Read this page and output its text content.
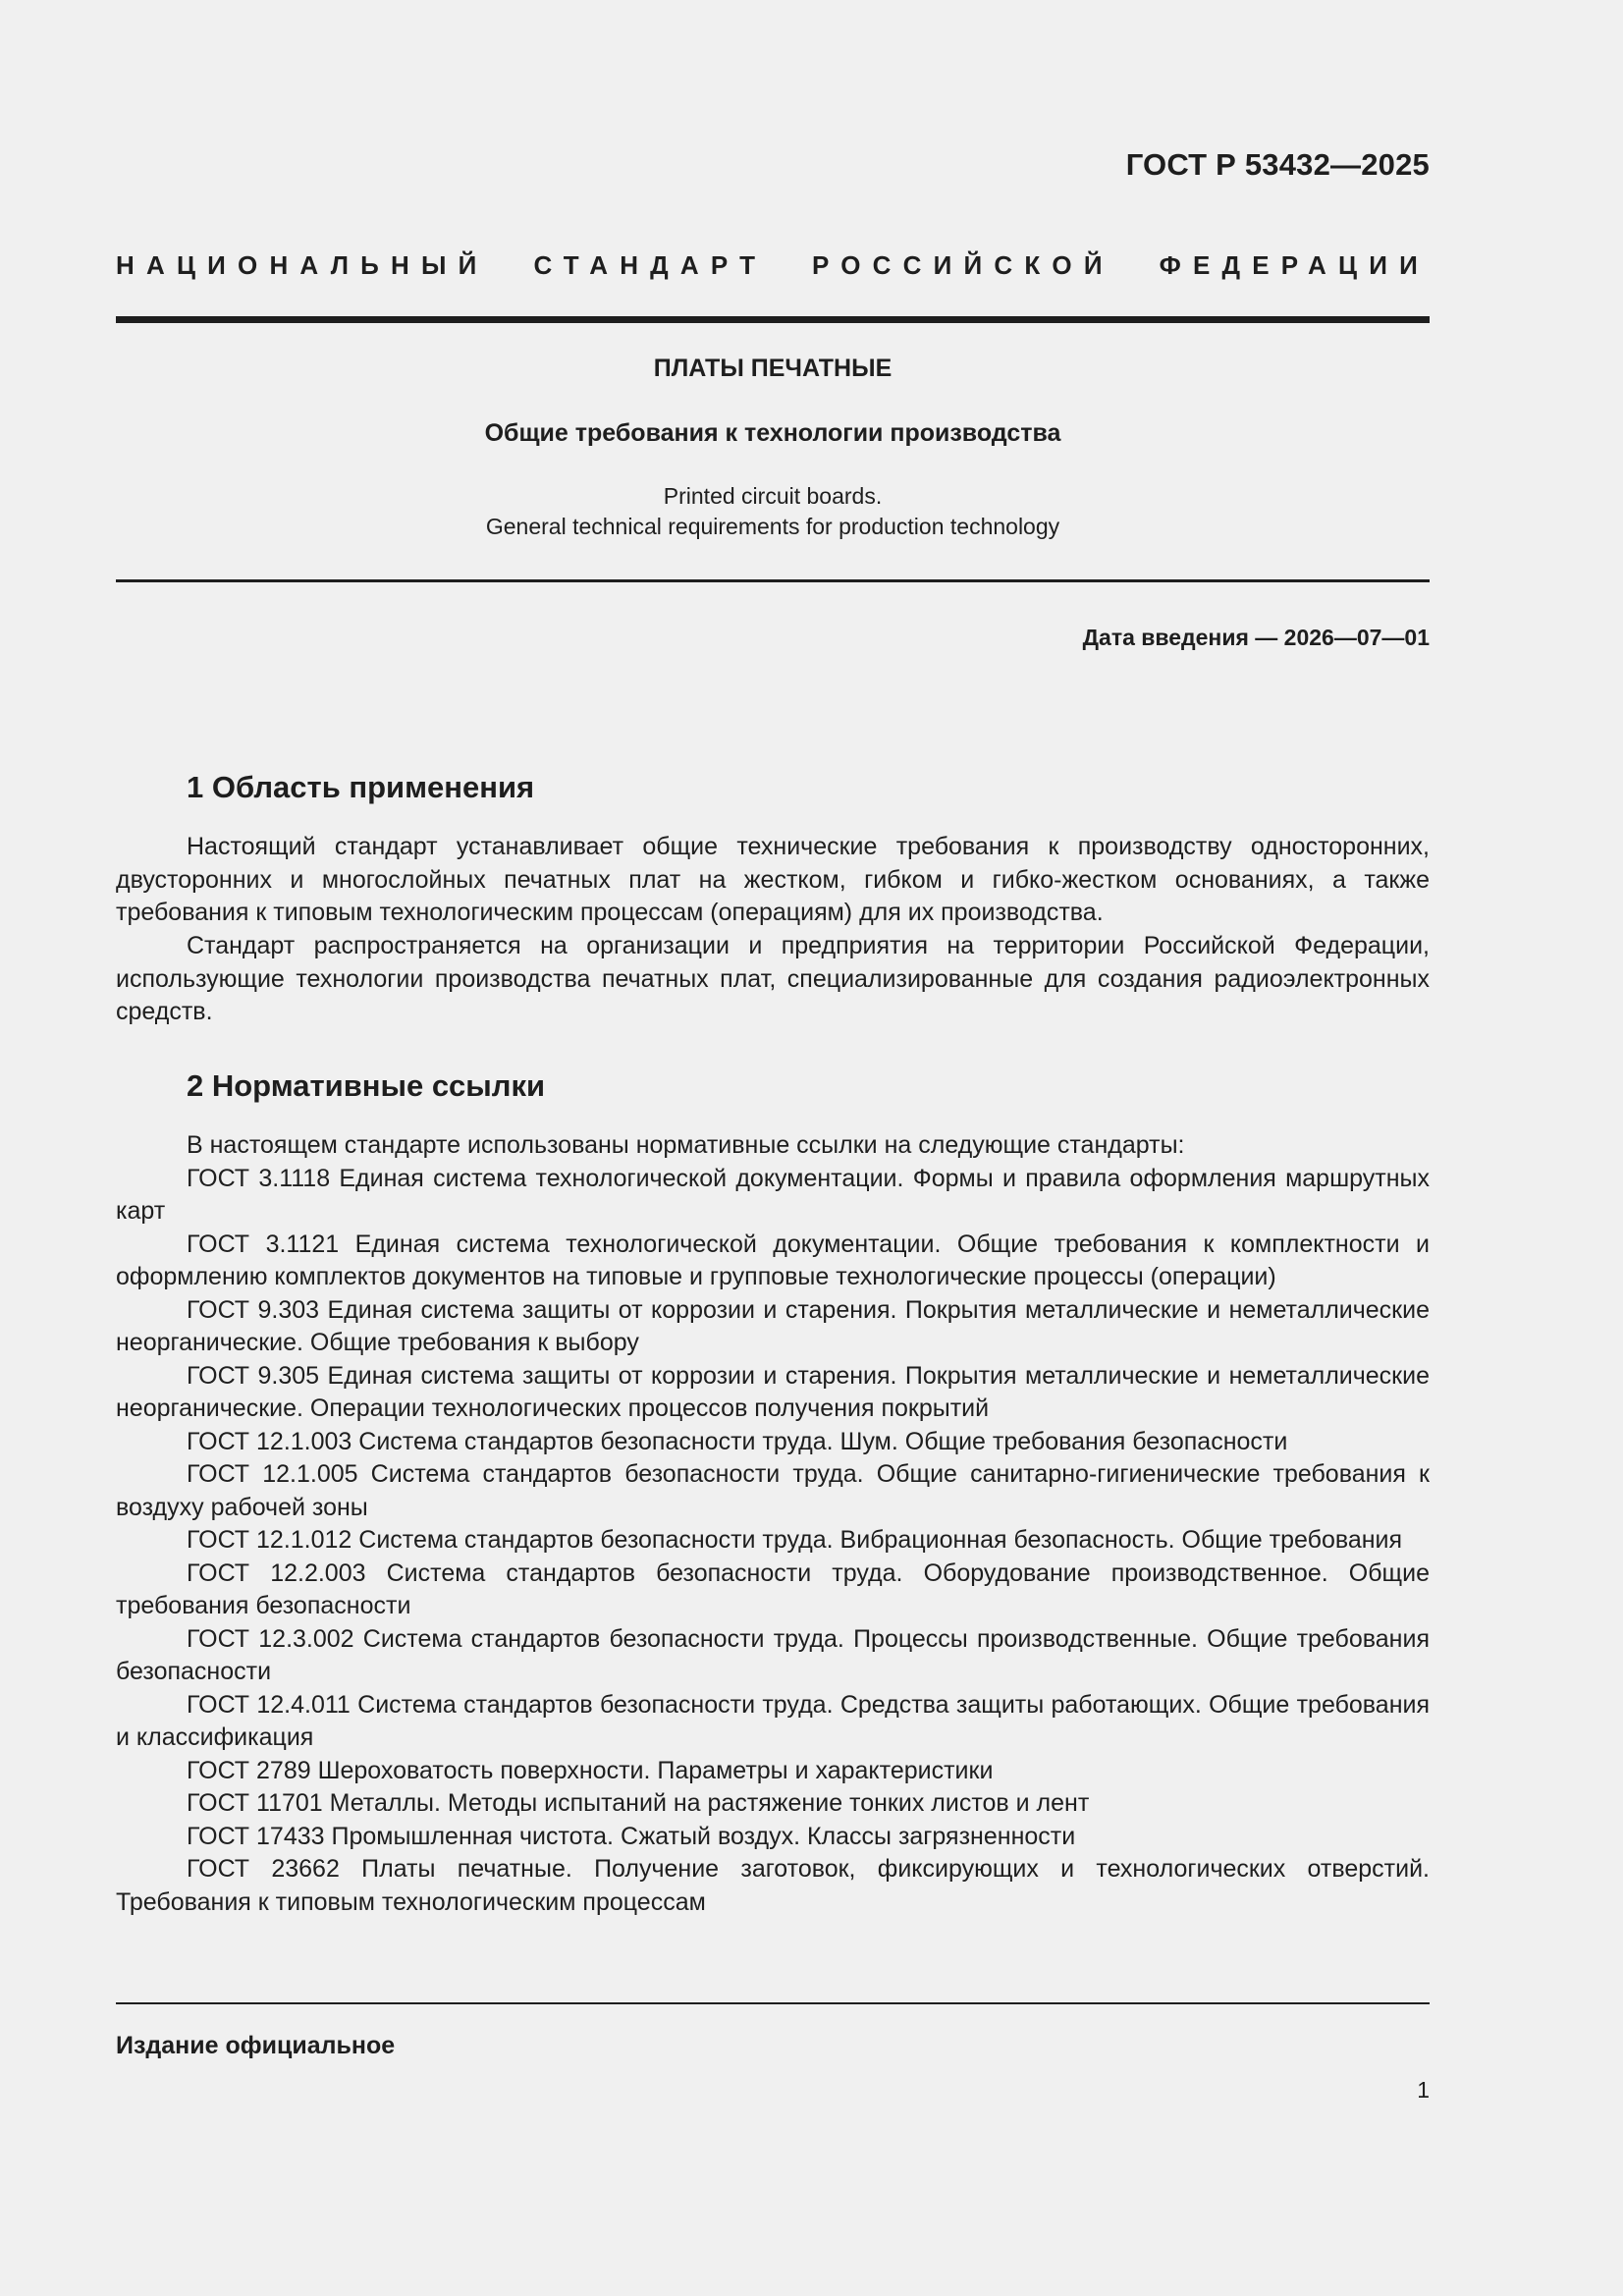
ГОСТ Р 53432—2025
НАЦИОНАЛЬНЫЙ СТАНДАРТ РОССИЙСКОЙ ФЕДЕРАЦИИ
ПЛАТЫ ПЕЧАТНЫЕ
Общие требования к технологии производства
Printed circuit boards.
General technical requirements for production technology
Дата введения — 2026—07—01
1 Область применения

Настоящий стандарт устанавливает общие технические требования к производству односторонних, двусторонних и многослойных печатных плат на жестком, гибком и гибко-жестком основаниях, а также требования к типовым технологическим процессам (операциям) для их производства.

Стандарт распространяется на организации и предприятия на территории Российской Федерации, использующие технологии производства печатных плат, специализированные для создания радиоэлектронных средств.

2 Нормативные ссылки

В настоящем стандарте использованы нормативные ссылки на следующие стандарты:

ГОСТ 3.1118 Единая система технологической документации. Формы и правила оформления маршрутных карт

ГОСТ 3.1121 Единая система технологической документации. Общие требования к комплектности и оформлению комплектов документов на типовые и групповые технологические процессы (операции)

ГОСТ 9.303 Единая система защиты от коррозии и старения. Покрытия металлические и неметаллические неорганические. Общие требования к выбору

ГОСТ 9.305 Единая система защиты от коррозии и старения. Покрытия металлические и неметаллические неорганические. Операции технологических процессов получения покрытий

ГОСТ 12.1.003 Система стандартов безопасности труда. Шум. Общие требования безопасности

ГОСТ 12.1.005 Система стандартов безопасности труда. Общие санитарно-гигиенические требования к воздуху рабочей зоны

ГОСТ 12.1.012 Система стандартов безопасности труда. Вибрационная безопасность. Общие требования

ГОСТ 12.2.003 Система стандартов безопасности труда. Оборудование производственное. Общие требования безопасности

ГОСТ 12.3.002 Система стандартов безопасности труда. Процессы производственные. Общие требования безопасности

ГОСТ 12.4.011 Система стандартов безопасности труда. Средства защиты работающих. Общие требования и классификация

ГОСТ 2789 Шероховатость поверхности. Параметры и характеристики

ГОСТ 11701 Металлы. Методы испытаний на растяжение тонких листов и лент

ГОСТ 17433 Промышленная чистота. Сжатый воздух. Классы загрязненности

ГОСТ 23662 Платы печатные. Получение заготовок, фиксирующих и технологических отверстий. Требования к типовым технологическим процессам

Издание официальное
1
